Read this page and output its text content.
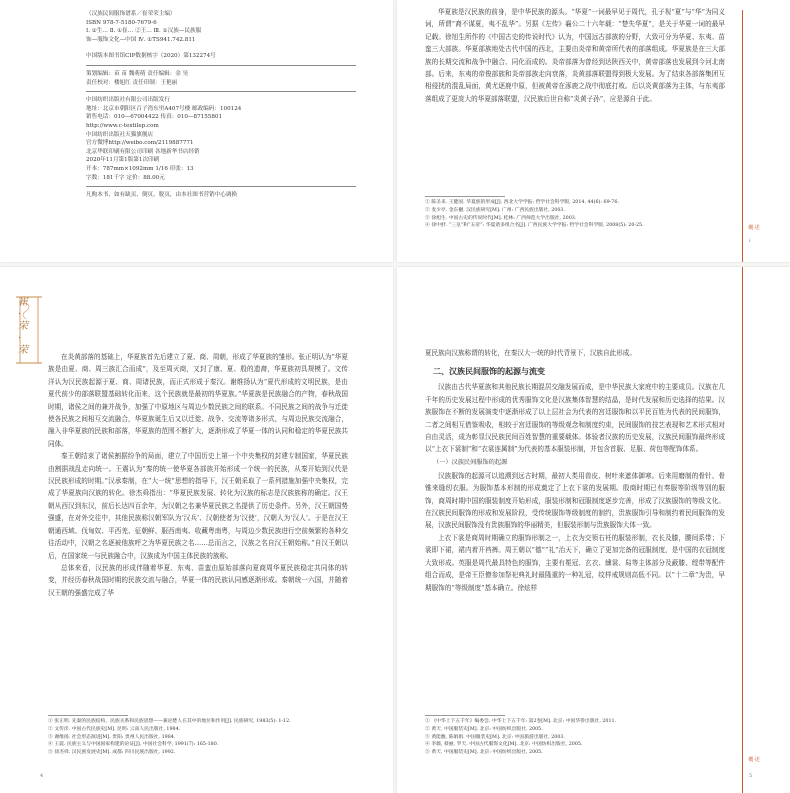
（汉族民间服饰谱系／崔荣荣主编）

ISBN 978-7-5180-7679-6

Ⅰ. ①生… Ⅱ. ①崔… ②王… Ⅲ. ①汉族—民族服

饰—服饰文化—中国 Ⅳ. ①TS941.742.811

中国版本图书馆CIP数据核字（2020）第132274号

策划编辑：苗 苗 魏萌萌 责任编辑：金 昊

责任校对：楼旭红 责任印制：王艳丽

中国纺织出版社有限公司出版发行

地址：北京市朝阳区百子湾东里A407号楼 邮政编码：100124

销售电话：010—67004422 传真：010—87155801

http://www.c-textilep.com

中国纺织出版社天猫旗舰店

官方微博http://weibo.com/2119887771

北京华联印刷有限公司印刷 各地新华书店经销

2020年11月第1版第1次印刷

开本：787mm×1092mm 1/16 印张：13

字数：181千字 定价：88.00元

凡购本书，如有缺页、倒页、脱页，由本社图书营销中心调换

华夏族是汉民族的前身，是中华民族的源头。“华夏”一词最早见于周代，孔子视“夏”与“华”为同义词，所谓“裔不谋夏，夷不乱华”。另据《左传》襄公二十六年载：“楚失华夏”，是关于华夏一词的最早记载。徐旭生所作的《中国古史的传说时代》认为，中国远古部族的分野，大致可分为华夏、东夷、苗蛮三大部族。华夏部族地处古代中国的西北，主要由炎帝和黄帝所代表的部落组成。华夏族是在三大部族的长期交流和战争中融合、同化而成的。炎帝部落为曾经到达陕西关中，黄帝部落也发展到今河北南部。后来，东夷的帝俊部族和炎帝部族走向衰落，炎黄部落联盟得到极大发展。为了结束各部落集团互相侵扰的混乱局面，黄尤逐鹿中原，但被黄帝在涿鹿之战中彻底打败。后以炎黄部落为主体，与东夷部落组成了更庞大的华夏部落联盟，汉民族后世自称“炎黄子孙”，应是源自于此。

① 陈圣来. 王健国. 华夏族的形成[J]. 西北大学学报: 哲学社会科学版, 2014, 44(6): 69-76.
② 麦少亭. 金东樾. 汉民族研究[M]. 广州: 广西民族出版社, 2003.
③ 徐旭生. 中国古史的传说时代[M]. 桂林: 广西师范大学出版社, 2003.
④ 徐中舒. “三皇”和“五帝”: 华夏诸多组合名[J]. 广西民族大学学报: 哲学社会科学版, 2008(5): 20-25.	概·述
ⅰ
崔·荣·荣

在炎黄部落的基础上，华夏族首先后建立了夏、商、周朝，形成了华夏族的雏形。张正明认为“华夏族是由夏、商、周三族汇合而成”，及至周灭商，又封了康、夏、殷的遗裔，华夏族初具规模了。文传洋认为汉民族起源于夏、商、周诸民族，而正式形成于秦汉。谢维扬认为“夏代形成的文明民族，是由夏代前少的部落联盟基础转化而来，这个民族就是最初的华夏族。”华夏族是民族融合的产物，春秋战国时期，诸侯之间的兼并战争，加强了中原地区与周边少数民族之间的联系。不同民族之间的战争与迁徙使各民族之间相互交流融合，华夏族诞生后又以迁徙、战争、交流等诸多形式，与周边民族交流融合，融入非华夏族的民族和部落，华夏族的范围不断扩大，逐渐形成了华夏一体的认同和稳定的华夏民族共同体。

秦王朝结束了诸侯割据纷争的局面，建立了中国历史上第一个中央集权的封建专制国家，华夏民族由割据战乱走向统一。王震认为“秦的统一使华夏各部族开始形成一个统一的民族，从秦开始到汉代是汉民族形成的时期。”汉承秦制，在“大一统”思想的指导下，汉王朝采取了一系列措施加强中央集权，完成了华夏族向汉族的转化。徐杰舜指出：“华夏民族发展、转化为汉族的标志是汉族族称的确定。汉王朝从西汉到东汉，前后长达四百余年，为汉朝之名兼华夏民族之名提供了历史条件。另外，汉王朝国势强盛，在对外交往中，其他民族称汉朝军队为‘汉兵’、汉朝使者为‘汉使’，汉朝人为‘汉人’。于是在汉王朝通西域、伐匈奴、平西羌、征朝鲜、服西南夷、收藏粤南粤，与周边少数民族进行空前频繁的各种交往活动中，汉朝之名逐被他族呼之为华夏民族之名……总而言之，汉族之名自汉王朝始称。”自汉王朝以后，在国家统一与民族融合中，汉族成为中国主体民族的族称。

总体来看，汉民族的形成伴随着华夏、东夷、苗蛮由原始部落向夏商周华夏民族稳定共同体的转变，并经历春秋战国时期的民族交流与融合，华夏一体的民族认同感逐渐形成。秦朝统一六国，并随着汉王朝的强盛完成了华

① 张正明. 先秦的民族结构、民族关系和民族思想——兼论楚人在其中的地位和作用[J]. 民族研究, 1983(5): 1-12.
② 文传洋. 中国古代民族史[M]. 昆明: 云南人民出版社, 1984.
③ 谢维扬. 社会形态演进[M]. 贵阳: 贵州人民出版社, 1984.
④ 王震. 民族主义与中国国家构建的论证[J]. 中国社会科学, 1991(7): 165-180.
⑤ 徐杰舜. 汉民族发展史[M]. 成都: 四川民族出版社, 1992.
4

夏民族向汉族称谓的转化，在秦汉大一统的时代背景下，汉族自此形成。

二、汉族民间服饰的起源与流变

汉族由古代华夏族和其他民族长期混居交融发展而成，是中华民族大家庭中的主要成员。汉族在几千年的历史发展过程中形成的优秀服饰文化是汉族集体智慧的结晶，是时代发展和历史选择的结果。汉族服饰在不断的发展演变中逐渐形成了以上层社会为代表的宫廷服饰和以平民百姓为代表的民间服饰，二者之间相互借鉴吸收，相较于宫廷服饰的等级观念和制度约束，民间服饰的技艺表现和艺术形式相对自由灵活，成为彰显汉民族民间百姓智慧的重要载体。体验者汉族的历史发展，汉族民间服饰最终形成以“上衣下裳制”和“衣裳连属制”为代表的基本服装形制，并包含首服、足服、荷包等配饰体系。

（一）汉族民间服饰的起源

汉族服饰的起源可以追溯到远古时期，最初人类用兽皮、树叶来遮体御寒。后来用磨制的骨针、骨锥来缝纫衣服。为服饰基本形制的形成奠定了上衣下裳的发展期。殷商时期已有奏服等阶级等别的服饰，商周时期中国的服装制度开始形成，服装形制和冠服制度逐步完善，形成了汉族服饰的等级文化。在汉族民间服饰的形成和发展阶段，受传统服饰等级制度的制约，贵族服饰引导和制约着民间服饰的发展，汉族民间服饰没有贵族服饰的华丽精美，但服装形制与贵族服饰大体一致。

上衣下裳是商周时期确立的服饰形制之一，上衣为交领右衽的服装形制，衣长及膝，腰间系带；下裳即下裙，裙内着开裆裤。周王朝以“德”“礼”治天下，确立了更加完备的冠服制度，是中国的衣冠制度大致形成。英服是周代最具特色的服饰，主要有冕冠、玄衣、纁裳、舄等主体部分及蔽膝、绶带等配件组合而成，是帝王臣僚参加祭祀典礼时最隆重的一种礼冠，纹样戒规则高低不同。以“十二章”为贵，早期服饰的“等级制度”基本确立。徐炫样

① 《中华上下五千年》编委会. 中华上下五千年: 第2卷[M]. 北京: 中国华侨出版社, 2011.
② 黄天. 中国服装史[M]. 北京: 中国纺织出版社, 2005.
③ 黄能馥, 陈娟娟. 中国服装史[M]. 北京: 中国旅游出版社, 2003.
④ 李薇, 蔡丽, 罗天. 中国古代服饰文化[M]. 北京: 中国纺织出版社, 2005.
⑤ 黄天. 中国服装史[M]. 北京: 中国纺织出版社, 2005.
概·述
5
